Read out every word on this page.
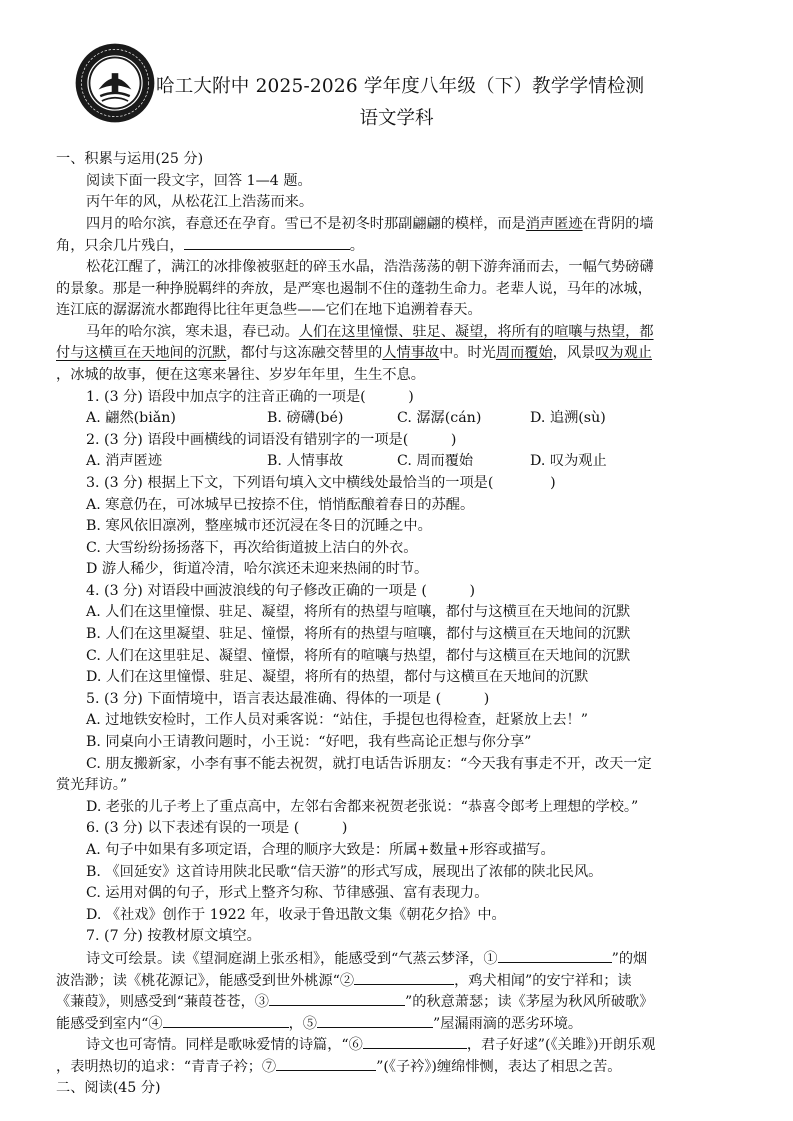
哈工大附中 2025-2026 学年度八年级（下）教学学情检测
语文学科
一、积累与运用(25 分)
阅读下面一段文字，回答 1—4 题。
丙午年的风，从松花江上浩荡而来。
四月的哈尔滨，春意还在孕育。雪已不是初冬时那副翩翩的模样，而是消声匿迹在背阴的墙
角，只余几片残白，	。
松花江醒了，满江的冰排像被驱赶的碎玉水晶，浩浩荡荡的朝下游奔涌而去，一幅气势磅礴
的景象。那是一种挣脱羁绊的奔放，是严寒也遏制不住的蓬勃生命力。老辈人说，马年的冰城，
连江底的潺潺流水都跑得比往年更急些——它们在地下追溯着春天。
马年的哈尔滨，寒未退，春已动。人们在这里憧憬、驻足、凝望，将所有的喧嚷与热望，都
付与这横亘在天地间的沉默，都付与这冻融交替里的人情事故中。时光周而覆始，风景叹为观止
，冰城的故事，便在这寒来暑往、岁岁年年里，生生不息。
1. (3 分) 语段中加点字的注音正确的一项是(　　　)
A. 翩然(biǎn)	B. 磅礴(bé)	C. 潺潺(cán)	D. 追溯(sù)
2. (3 分) 语段中画横线的词语没有错别字的一项是(　　　)
A. 消声匿迹	B. 人情事故	C. 周而覆始	D. 叹为观止
3. (3 分) 根据上下文，下列语句填入文中横线处最恰当的一项是(　　　　)
A. 寒意仍在，可冰城早已按捺不住，悄悄酝酿着春日的苏醒。
B. 寒风依旧凛冽，整座城市还沉浸在冬日的沉睡之中。
C. 大雪纷纷扬扬落下，再次给街道披上洁白的外衣。
D 游人稀少，街道冷清，哈尔滨还未迎来热闹的时节。
4. (3 分) 对语段中画波浪线的句子修改正确的一项是 (　　　)
A. 人们在这里憧憬、驻足、凝望，将所有的热望与喧嚷，都付与这横亘在天地间的沉默
B. 人们在这里凝望、驻足、憧憬，将所有的热望与喧嚷，都付与这横亘在天地间的沉默
C. 人们在这里驻足、凝望、憧憬，将所有的喧嚷与热望，都付与这横亘在天地间的沉默
D. 人们在这里憧憬、驻足、凝望，将所有的热望，都付与这横亘在天地间的沉默
5. (3 分) 下面情境中，语言表达最准确、得体的一项是 (　　　)
A. 过地铁安检时，工作人员对乘客说：“站住，手提包也得检查，赶紧放上去！”
B. 同桌向小王请教问题时，小王说：“好吧，我有些高论正想与你分享”
C. 朋友搬新家，小李有事不能去祝贺，就打电话告诉朋友：“今天我有事走不开，改天一定
赏光拜访。”
D. 老张的儿子考上了重点高中，左邻右舍都来祝贺老张说：“恭喜令郎考上理想的学校。”
6. (3 分) 以下表述有误的一项是 (　　　)
A. 句子中如果有多项定语，合理的顺序大致是：所属+数量+形容或描写。
B. 《回延安》这首诗用陕北民歌“信天游”的形式写成，展现出了浓郁的陕北民风。
C. 运用对偶的句子，形式上整齐匀称、节律感强、富有表现力。
D. 《社戏》创作于 1922 年，收录于鲁迅散文集《朝花夕拾》中。
7. (7 分) 按教材原文填空。
诗文可绘景。读《望洞庭湖上张丞相》，能感受到“气蒸云梦泽，①	”的烟
波浩渺；读《桃花源记》，能感受到世外桃源“②	，鸡犬相闻”的安宁祥和；读
《蒹葭》，则感受到“蒹葭苍苍，③	”的秋意萧瑟；读《茅屋为秋风所破歌》
能感受到室内“④	，⑤	”屋漏雨滴的恶劣环境。
诗文也可寄情。同样是歌咏爱情的诗篇，“⑥	，君子好逑”(《关雎》)开朗乐观
，表明热切的追求：“青青子衿；⑦	”(《子衿》)缠绵悱恻，表达了相思之苦。
二、阅读(45 分)
